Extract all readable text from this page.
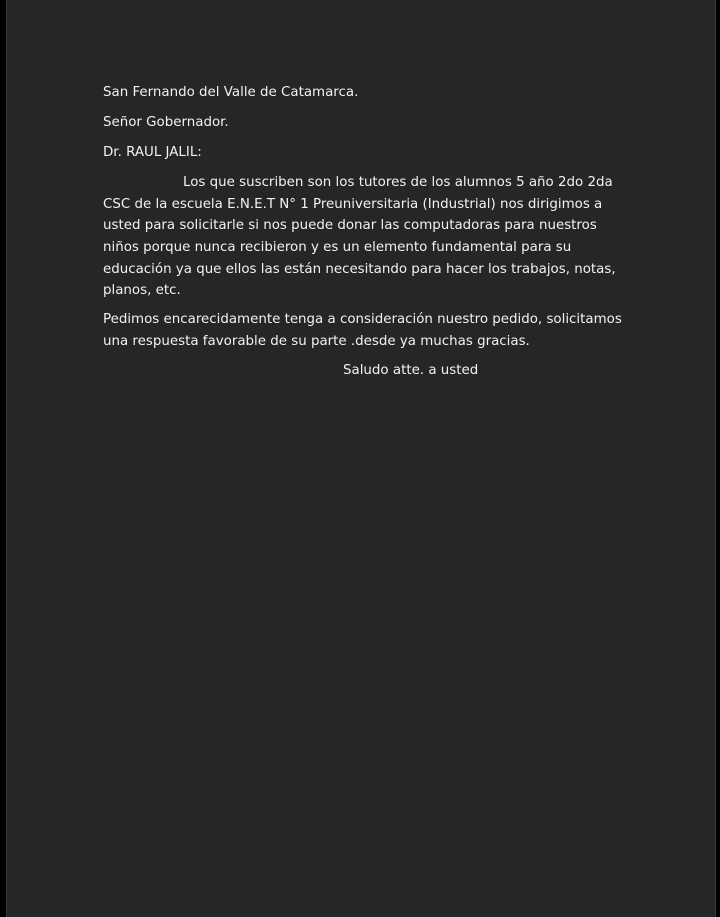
San Fernando del Valle de Catamarca.

Señor Gobernador.

Dr. RAUL JALIL:

Los que suscriben son los tutores de los alumnos 5 año 2do 2da
CSC de la escuela E.N.E.T N° 1 Preuniversitaria (Industrial) nos dirigimos a
usted para solicitarle si nos puede donar las computadoras para nuestros
niños porque nunca recibieron y es un elemento fundamental para su
educación ya que ellos las están necesitando para hacer los trabajos, notas,
planos, etc.
Pedimos encarecidamente tenga a consideración nuestro pedido, solicitamos
una respuesta favorable de su parte .desde ya muchas gracias.

Saludo atte. a usted
